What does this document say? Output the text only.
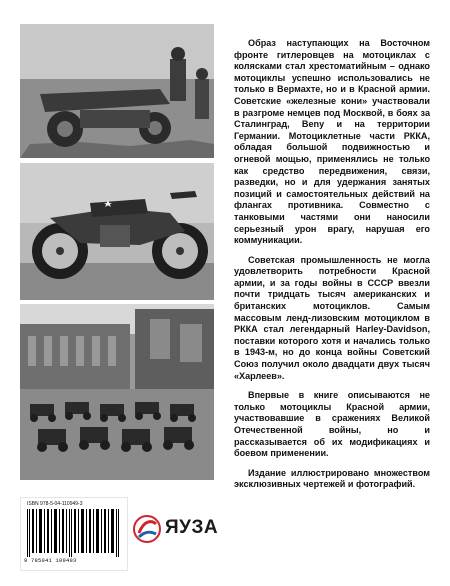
Образ наступающих на Восточном фронте гитлеровцев на мотоциклах с колясками стал хрестоматийным – однако мотоциклы успешно использовались не только в Вермахте, но и в Красной армии. Советские «железные кони» участвовали в разгроме немцев под Москвой, в боях за Сталинград, Веny и на территории Германии. Мотоциклетные части РККА, обладая большой подвижностью и огневой мощью, применялись не только как средство передвижения, связи, разведки, но и для удержания занятых позиций и самостоятельных действий на флангах противника. Совместно с танковыми частями они наносили серьезный урон врагу, нарушая его коммуникации.

Советская промышленность не могла удовлетворить потребности Красной армии, и за годы войны в СССР ввезли почти тридцать тысяч американских и британских мотоциклов. Самым массовым ленд-лизовским мотоциклом в РККА стал легендарный Harley-Davidson, поставки которого хотя и начались только в 1943-м, но до конца войны Советский Союз получил около двадцати двух тысяч «Харлеев».

Впервые в книге описываются не только мотоциклы Красной армии, участвовавшие в сражениях Великой Отечественной войны, но и рассказывается об их модификациях и боевом применении.

Издание иллюстрировано множеством эксклюзивных чертежей и фотографий.

ISBN 978-5-04-110949-3
9 785041 109493
ЯУЗА
